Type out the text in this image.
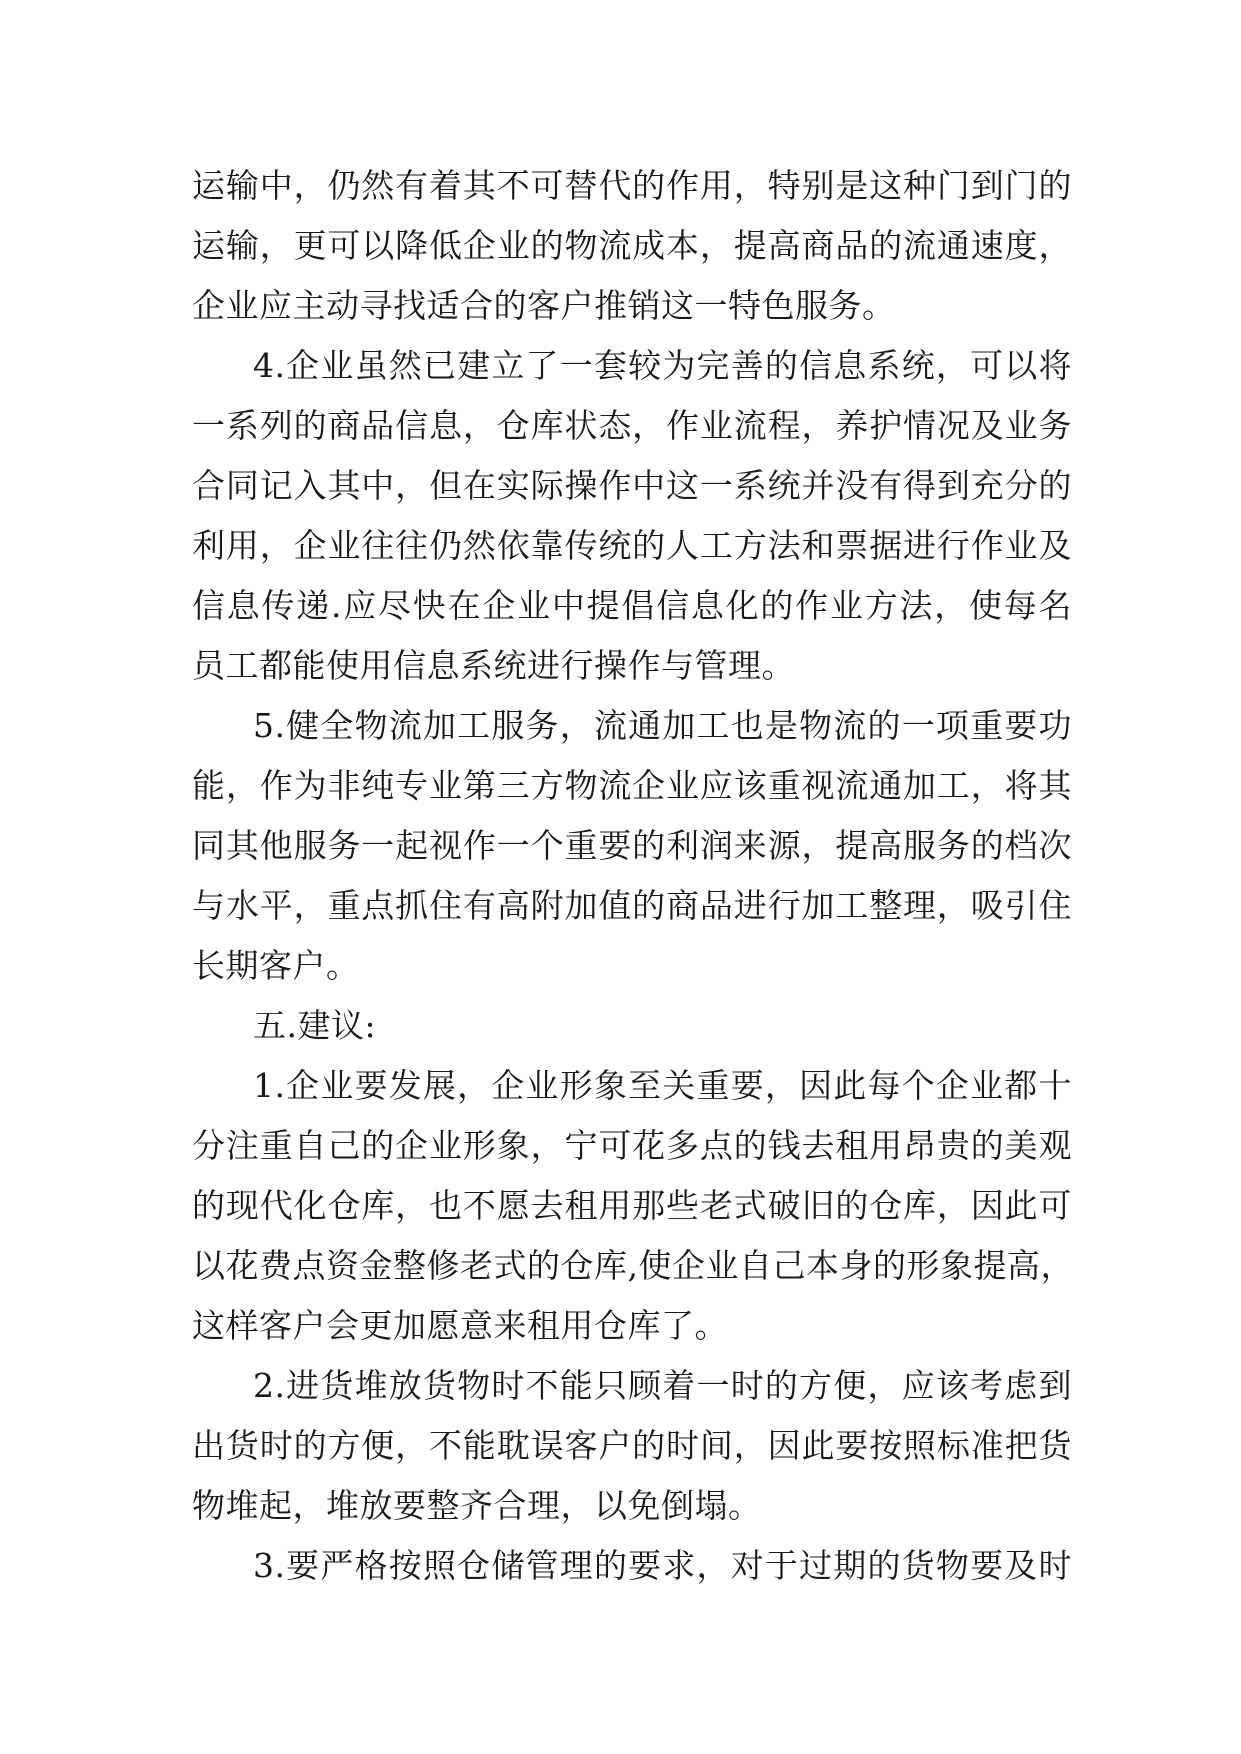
运输中，仍然有着其不可替代的作用，特别是这种门到门的
运输，更可以降低企业的物流成本，提高商品的流通速度，
企业应主动寻找适合的客户推销这一特色服务。
4.企业虽然已建立了一套较为完善的信息系统，可以将
一系列的商品信息，仓库状态，作业流程，养护情况及业务
合同记入其中，但在实际操作中这一系统并没有得到充分的
利用，企业往往仍然依靠传统的人工方法和票据进行作业及
信息传递.应尽快在企业中提倡信息化的作业方法，使每名
员工都能使用信息系统进行操作与管理。
5.健全物流加工服务，流通加工也是物流的一项重要功
能，作为非纯专业第三方物流企业应该重视流通加工，将其
同其他服务一起视作一个重要的利润来源，提高服务的档次
与水平，重点抓住有高附加值的商品进行加工整理，吸引住
长期客户。
五.建议:
1.企业要发展，企业形象至关重要，因此每个企业都十
分注重自己的企业形象，宁可花多点的钱去租用昂贵的美观
的现代化仓库，也不愿去租用那些老式破旧的仓库，因此可
以花费点资金整修老式的仓库,使企业自己本身的形象提高，
这样客户会更加愿意来租用仓库了。
2.进货堆放货物时不能只顾着一时的方便，应该考虑到
出货时的方便，不能耽误客户的时间，因此要按照标准把货
物堆起，堆放要整齐合理，以免倒塌。
3.要严格按照仓储管理的要求，对于过期的货物要及时
